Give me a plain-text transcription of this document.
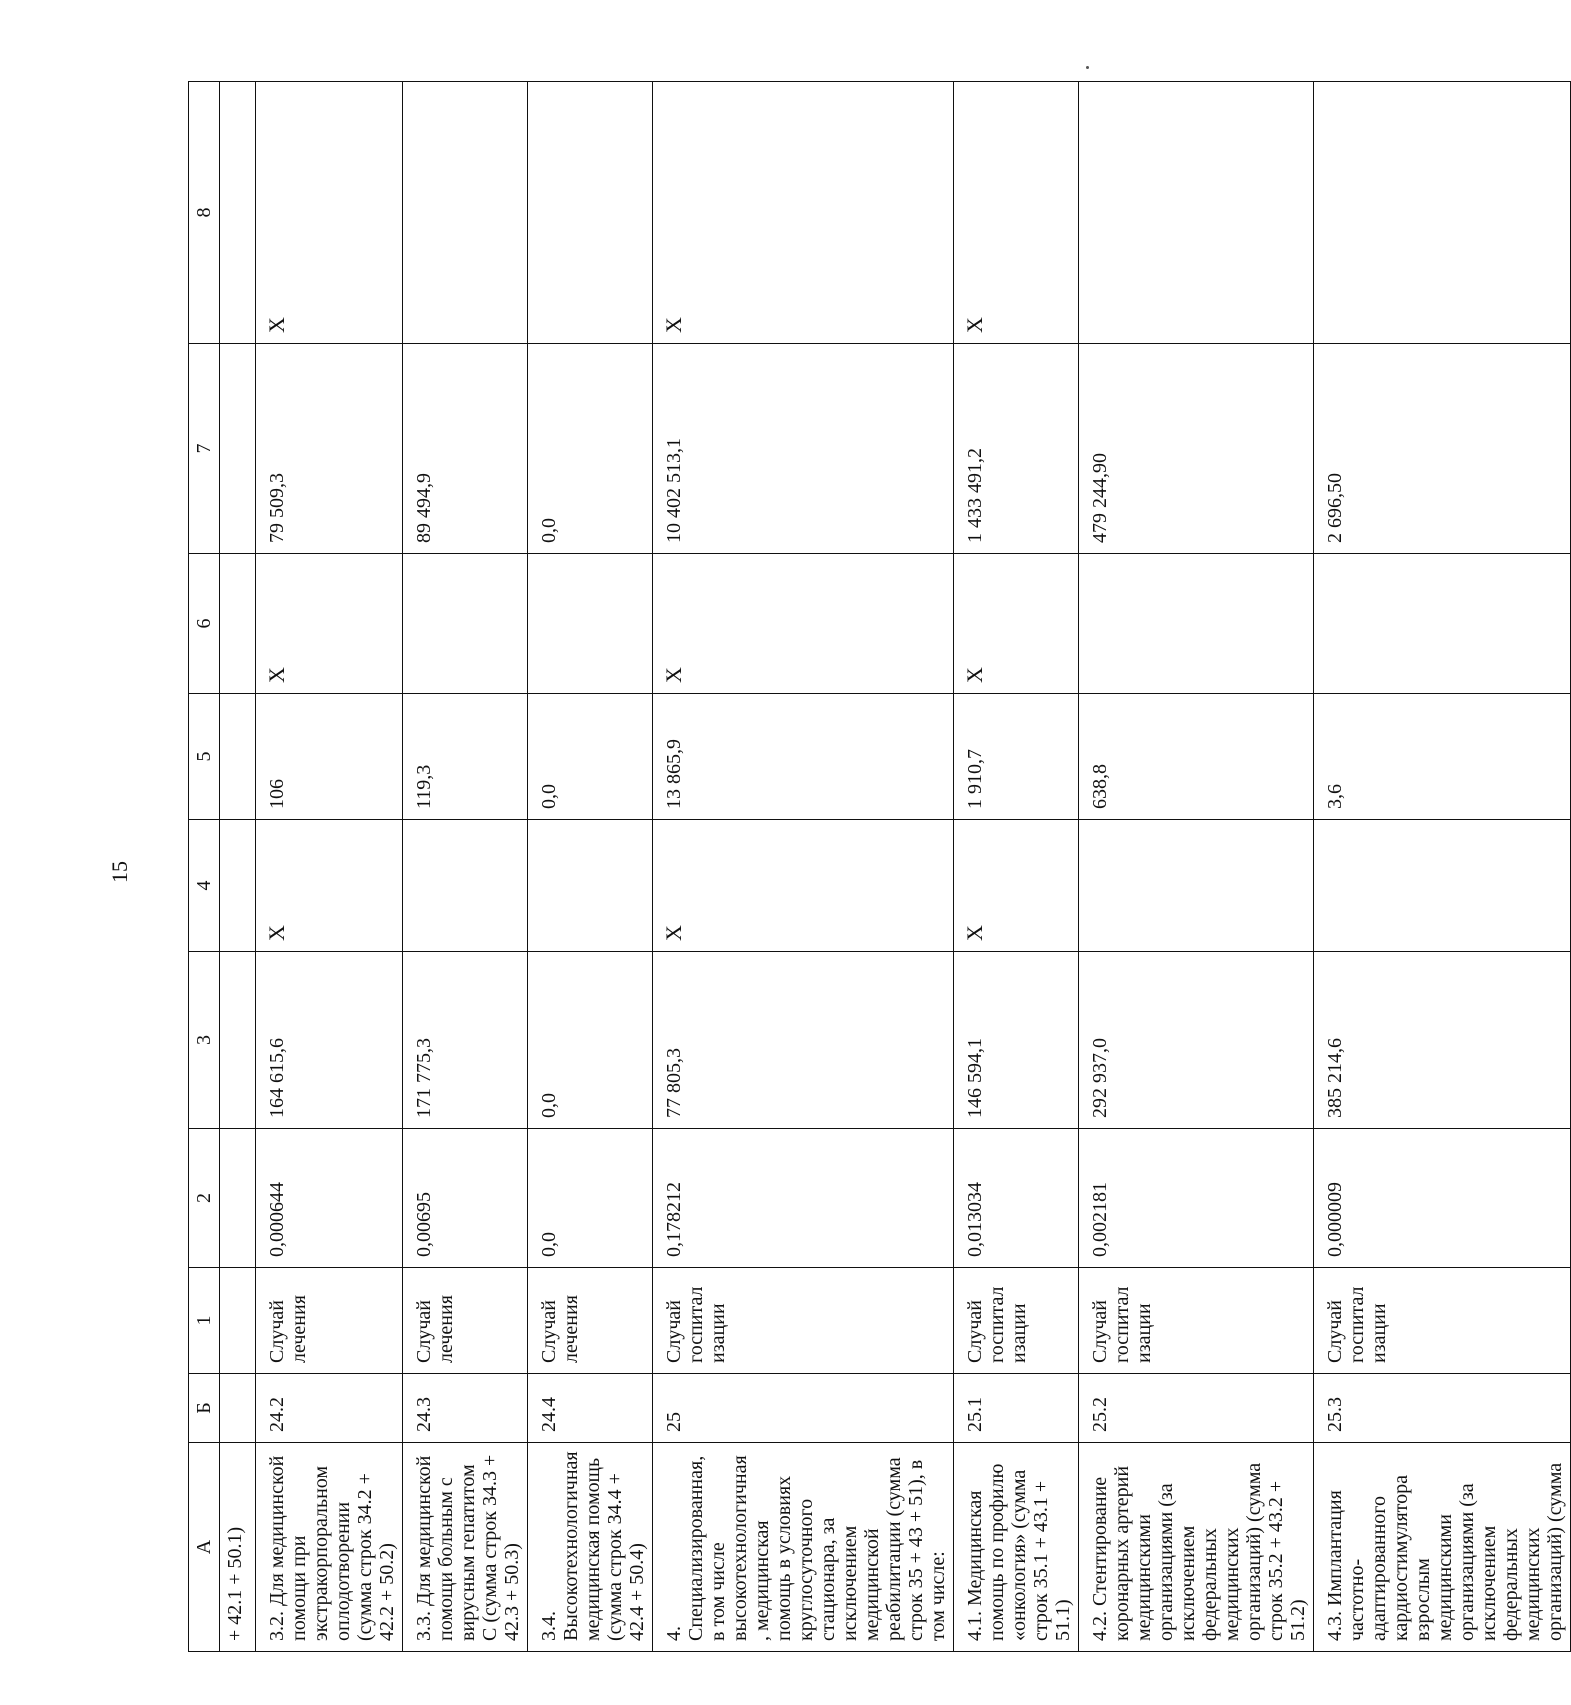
15
А	Б	1	2	3	4	5	6	7	8
+ 42.1 + 50.1)									
3.2. Для медицинской помощи при экстракорпоральном оплодотворении (сумма строк 34.2 + 42.2 + 50.2)	24.2	Случай лечения	0,000644	164 615,6	Х	106	Х	79 509,3	Х
3.3. Для медицинской помощи больным с вирусным гепатитом С (сумма строк 34.3 + 42.3 + 50.3)	24.3	Случай лечения	0,00695	171 775,3		119,3		89 494,9	
3.4. Высокотехнологичная медицинская помощь (сумма строк 34.4 + 42.4 + 50.4)	24.4	Случай лечения	0,0	0,0		0,0		0,0	
4. Специализированная, в том числе высокотехнологичная, медицинская помощь в условиях круглосуточного стационара, за исключением медицинской реабилитации (сумма строк 35 + 43 + 51), в том числе:	25	Случай госпитализации	0,178212	77 805,3	Х	13 865,9	Х	10 402 513,1	Х
4.1. Медицинская помощь по профилю «онкология» (сумма строк 35.1 + 43.1 + 51.1)	25.1	Случай госпитализации	0,013034	146 594,1	Х	1 910,7	Х	1 433 491,2	Х
4.2. Стентирование коронарных артерий медицинскими организациями (за исключением федеральных медицинских организаций) (сумма строк 35.2 + 43.2 + 51.2)	25.2	Случай госпитализации	0,002181	292 937,0		638,8		479 244,90	
4.3. Имплантация частотно-адаптированного кардиостимулятора взрослым медицинскими организациями (за исключением федеральных медицинских организаций) (сумма	25.3	Случай госпитализации	0,000009	385 214,6		3,6		2 696,50	
